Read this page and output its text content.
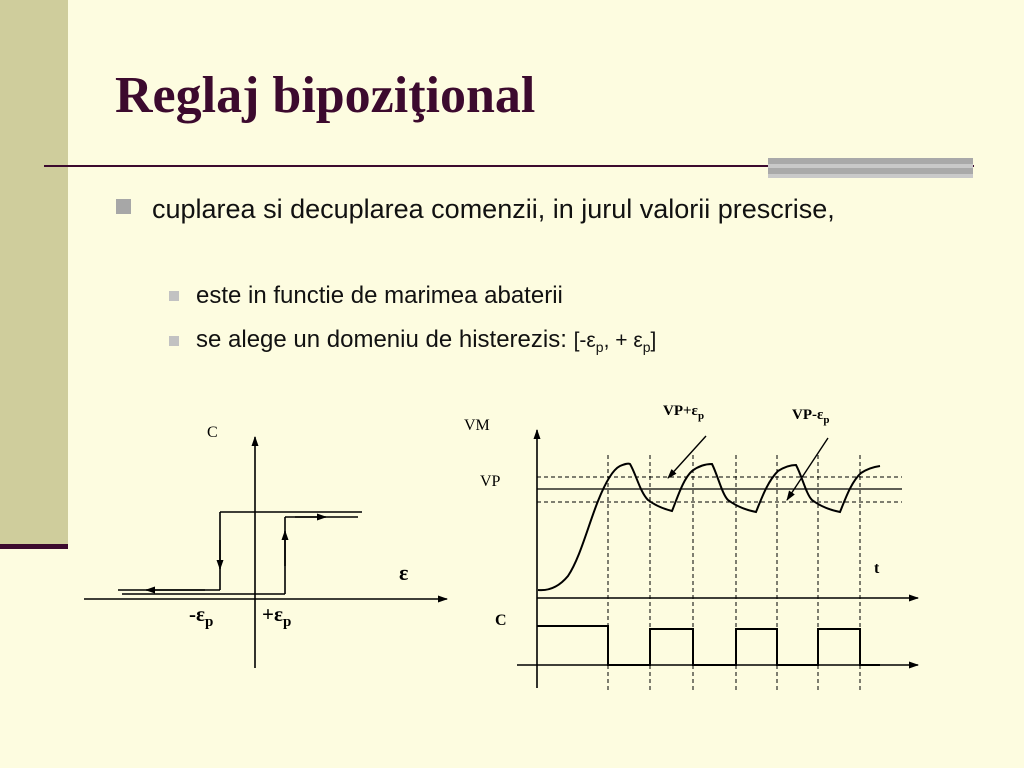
Reglaj bipoziţional
cuplarea si decuplarea comenzii, in jurul valorii prescrise,
este in functie de marimea abaterii
se alege un domeniu de histerezis: [$-\varepsilon_p$, + $\varepsilon_p$]
C
ε
$-\varepsilon_p +\varepsilon_p$
VM
VP
t
C
$VP+\varepsilon_p$	$VP-\varepsilon_p$
